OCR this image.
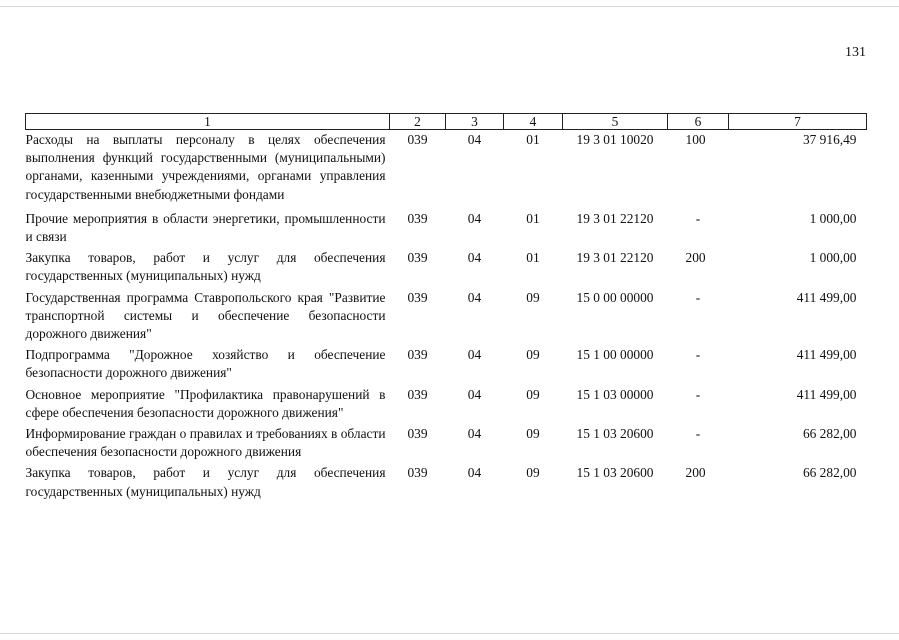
131
1	2	3	4	5	6	7
Расходы на выплаты персоналу в целях обеспечения выполнения функций государственными (муниципальными) органами, казенными учреждениями, органами управления государственными внебюджетными фондами	039	04	01	19 3 01 10020	100	37 916,49
Прочие мероприятия в области энергетики, промышленности и связи	039	04	01	19 3 01 22120	-	1 000,00
Закупка товаров, работ и услуг для обеспечения государственных (муниципальных) нужд	039	04	01	19 3 01 22120	200	1 000,00
Государственная программа Ставропольского края "Развитие транспортной системы и обеспечение безопасности дорожного движения"	039	04	09	15 0 00 00000	-	411 499,00
Подпрограмма "Дорожное хозяйство и обеспечение безопасности дорожного движения"	039	04	09	15 1 00 00000	-	411 499,00
Основное мероприятие "Профилактика правонарушений в сфере обеспечения безопасности дорожного движения"	039	04	09	15 1 03 00000	-	411 499,00
Информирование граждан о правилах и требованиях в области обеспечения безопасности дорожного движения	039	04	09	15 1 03 20600	-	66 282,00
Закупка товаров, работ и услуг для обеспечения государственных (муниципальных) нужд	039	04	09	15 1 03 20600	200	66 282,00
